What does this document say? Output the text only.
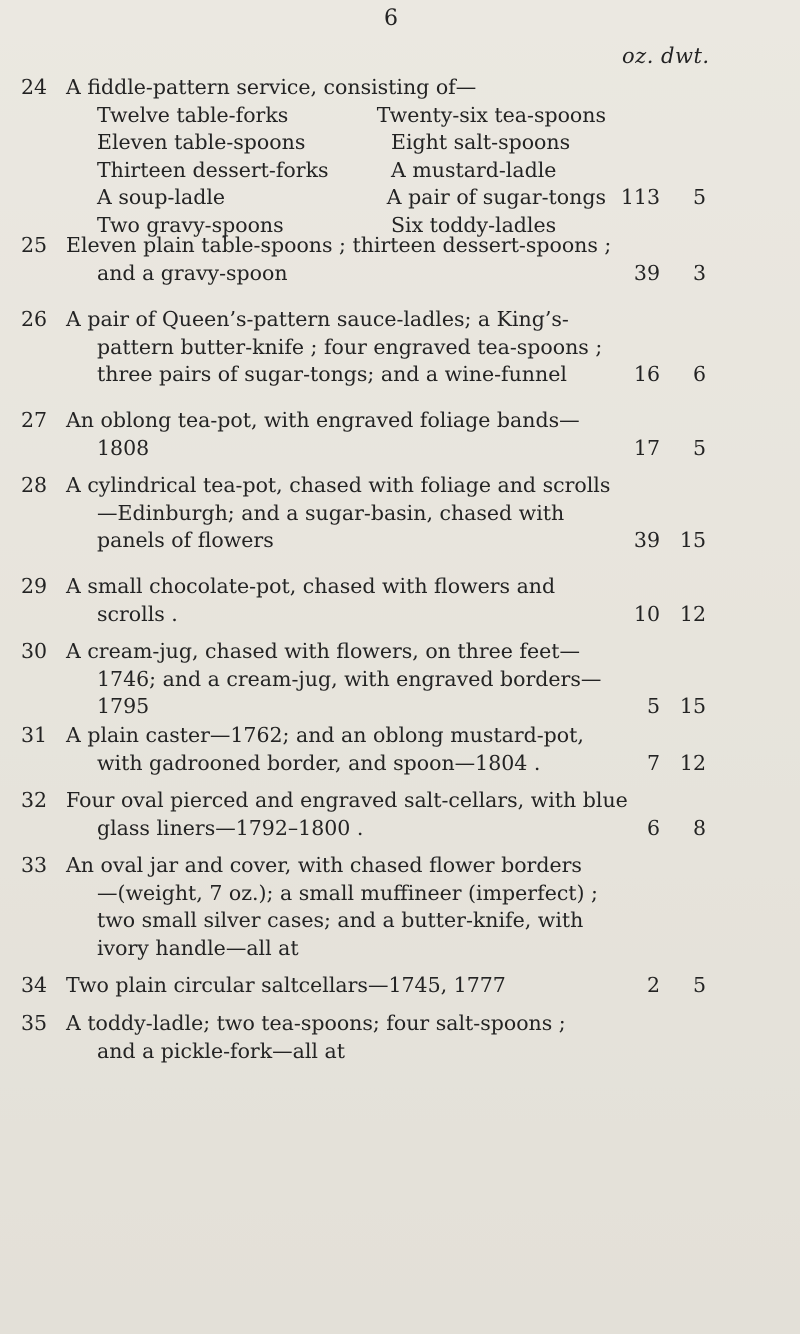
6
oz. dwt.
24 A fiddle-pattern service, consisting of—
Twelve table-forks	Twenty-six tea-spoons
Eleven table-spoons	Eight salt-spoons
Thirteen dessert-forks	A mustard-ladle
A soup-ladle	A pair of sugar-tongs
Two gravy-spoons	Six toddy-ladles
113	5
25 Eleven plain table-spoons ; thirteen dessert-spoons ;
and a gravy-spoon	39	3
26 A pair of Queen’s-pattern sauce-ladles; a King’s-
pattern butter-knife ; four engraved tea-spoons ;
three pairs of sugar-tongs; and a wine-funnel	16	6
27 An oblong tea-pot, with engraved foliage bands—
1808	17	5
28 A cylindrical tea-pot, chased with foliage and scrolls
—Edinburgh; and a sugar-basin, chased with
panels of flowers	39 15
29 A small chocolate-pot, chased with flowers and
scrolls .	10 12
30 A cream-jug, chased with flowers, on three feet—
1746; and a cream-jug, with engraved borders—
1795	5 15
31 A plain caster—1762; and an oblong mustard-pot,
with gadrooned border, and spoon—1804 .	7 12
32 Four oval pierced and engraved salt-cellars, with blue
glass liners—1792–1800 .	6	8
33 An oval jar and cover, with chased flower borders
—(weight, 7 oz.); a small muffineer (imperfect) ;
two small silver cases; and a butter-knife, with
ivory handle—all at
34 Two plain circular saltcellars—1745, 1777	2	5
35 A toddy-ladle; two tea-spoons; four salt-spoons ;
and a pickle-fork—all at
